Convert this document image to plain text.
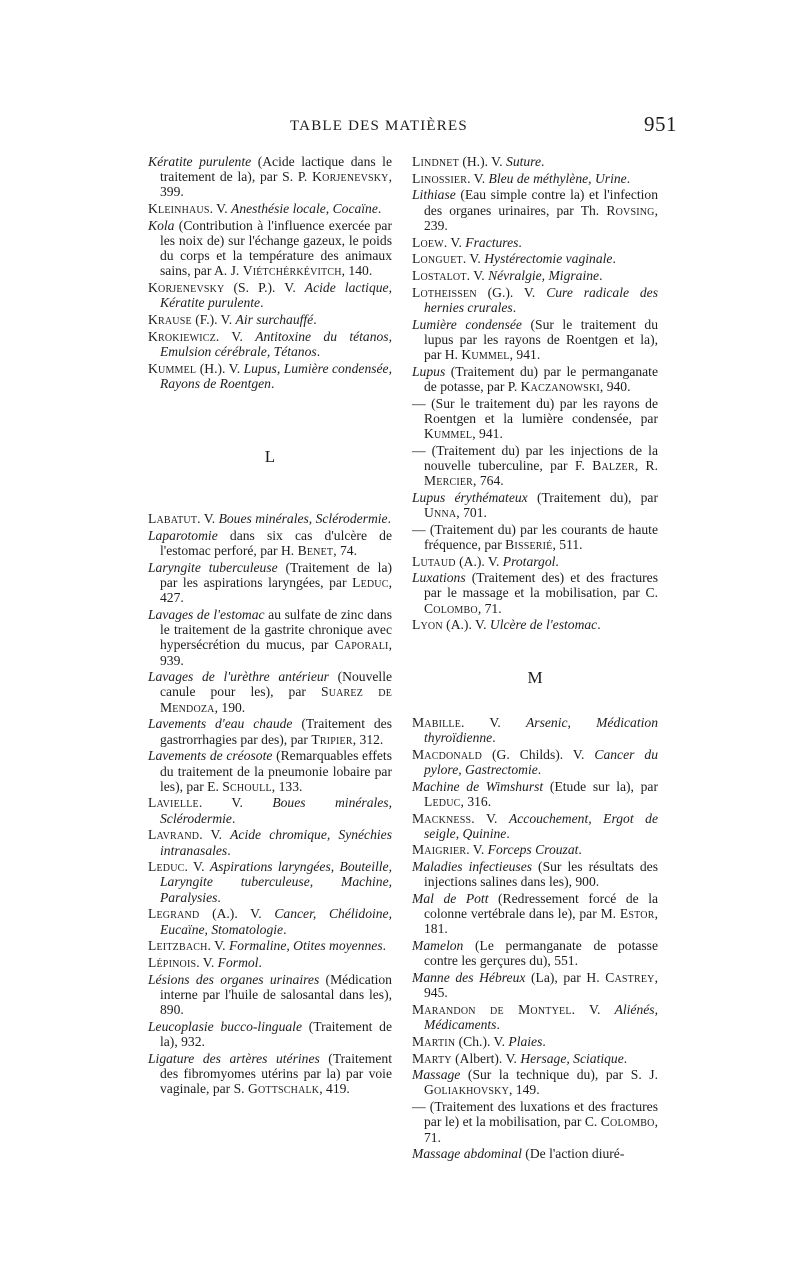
TABLE DES MATIÈRES	951

Kératite purulente (Acide lactique dans le traitement de la), par S. P. Korjenevsky, 399.

Kleinhaus. V. Anesthésie locale, Cocaïne.

Kola (Contribution à l'influence exercée par les noix de) sur l'échange gazeux, le poids du corps et la température des animaux sains, par A. J. Viétchérkévitch, 140.

Korjenevsky (S. P.). V. Acide lactique, Kératite purulente.

Krause (F.). V. Air surchauffé.

Krokiewicz. V. Antitoxine du tétanos, Emulsion cérébrale, Tétanos.

Kummel (H.). V. Lupus, Lumière condensée, Rayons de Roentgen.

L

Labatut. V. Boues minérales, Sclérodermie.

Laparotomie dans six cas d'ulcère de l'estomac perforé, par H. Benet, 74.

Laryngite tuberculeuse (Traitement de la) par les aspirations laryngées, par Leduc, 427.

Lavages de l'estomac au sulfate de zinc dans le traitement de la gastrite chronique avec hypersécrétion du mucus, par Caporali, 939.

Lavages de l'urèthre antérieur (Nouvelle canule pour les), par Suarez de Mendoza, 190.

Lavements d'eau chaude (Traitement des gastrorrhagies par des), par Tripier, 312.

Lavements de créosote (Remarquables effets du traitement de la pneumonie lobaire par les), par E. Schoull, 133.

Lavielle. V. Boues minérales, Sclérodermie.

Lavrand. V. Acide chromique, Synéchies intranasales.

Leduc. V. Aspirations laryngées, Bouteille, Laryngite tuberculeuse, Machine, Paralysies.

Legrand (A.). V. Cancer, Chélidoine, Eucaïne, Stomatologie.

Leitzbach. V. Formaline, Otites moyennes.

Lépinois. V. Formol.

Lésions des organes urinaires (Médication interne par l'huile de salosantal dans les), 890.

Leucoplasie bucco-linguale (Traitement de la), 932.

Ligature des artères utérines (Traitement des fibromyomes utérins par la) par voie vaginale, par S. Gottschalk, 419.

Lindnet (H.). V. Suture.

Linossier. V. Bleu de méthylène, Urine.

Lithiase (Eau simple contre la) et l'infection des organes urinaires, par Th. Rovsing, 239.

Loew. V. Fractures.

Longuet. V. Hystérectomie vaginale.

Lostalot. V. Névralgie, Migraine.

Lotheissen (G.). V. Cure radicale des hernies crurales.

Lumière condensée (Sur le traitement du lupus par les rayons de Roentgen et la), par H. Kummel, 941.

Lupus (Traitement du) par le permanganate de potasse, par P. Kaczanowski, 940.

— (Sur le traitement du) par les rayons de Roentgen et la lumière condensée, par Kummel, 941.

— (Traitement du) par les injections de la nouvelle tuberculine, par F. Balzer, R. Mercier, 764.

Lupus érythémateux (Traitement du), par Unna, 701.

— (Traitement du) par les courants de haute fréquence, par Bisserié, 511.

Lutaud (A.). V. Protargol.

Luxations (Traitement des) et des fractures par le massage et la mobilisation, par C. Colombo, 71.

Lyon (A.). V. Ulcère de l'estomac.

M

Mabille. V. Arsenic, Médication thyroïdienne.

Macdonald (G. Childs). V. Cancer du pylore, Gastrectomie.

Machine de Wimshurst (Etude sur la), par Leduc, 316.

Mackness. V. Accouchement, Ergot de seigle, Quinine.

Maigrier. V. Forceps Crouzat.

Maladies infectieuses (Sur les résultats des injections salines dans les), 900.

Mal de Pott (Redressement forcé de la colonne vertébrale dans le), par M. Estor, 181.

Mamelon (Le permanganate de potasse contre les gerçures du), 551.

Manne des Hébreux (La), par H. Castrey, 945.

Marandon de Montyel. V. Aliénés, Médicaments.

Martin (Ch.). V. Plaies.

Marty (Albert). V. Hersage, Sciatique.

Massage (Sur la technique du), par S. J. Goliakhovsky, 149.

— (Traitement des luxations et des fractures par le) et la mobilisation, par C. Colombo, 71.

Massage abdominal (De l'action diuré-
